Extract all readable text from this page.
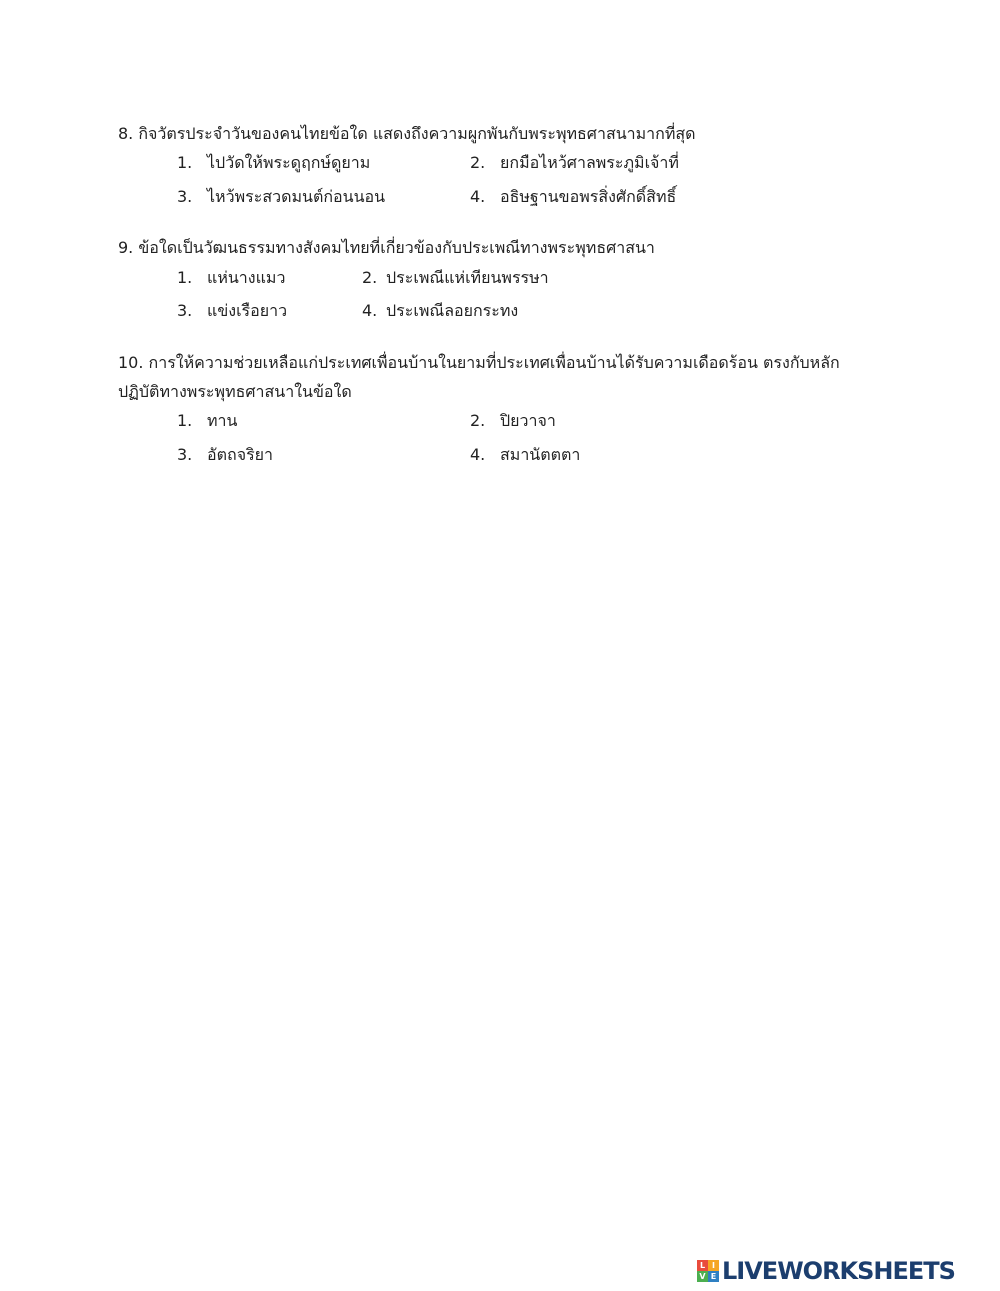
8. กิจวัตรประจำวันของคนไทยข้อใด แสดงถึงความผูกพันกับพระพุทธศาสนามากที่สุด
1. ไปวัดให้พระดูฤกษ์ดูยาม	2. ยกมือไหว้ศาลพระภูมิเจ้าที่
3. ไหว้พระสวดมนต์ก่อนนอน	4. อธิษฐานขอพรสิ่งศักดิ์สิทธิ์
9. ข้อใดเป็นวัฒนธรรมทางสังคมไทยที่เกี่ยวข้องกับประเพณีทางพระพุทธศาสนา
1. แห่นางแมว	2. ประเพณีแห่เทียนพรรษา
3. แข่งเรือยาว	4. ประเพณีลอยกระทง
10. การให้ความช่วยเหลือแก่ประเทศเพื่อนบ้านในยามที่ประเทศเพื่อนบ้านได้รับความเดือดร้อน ตรงกับหลัก
ปฏิบัติทางพระพุทธศาสนาในข้อใด
1. ทาน	2. ปิยวาจา
3. อัตถจริยา	4. สมานัตตตา
L I
V E LIVEWORKSHEETS
